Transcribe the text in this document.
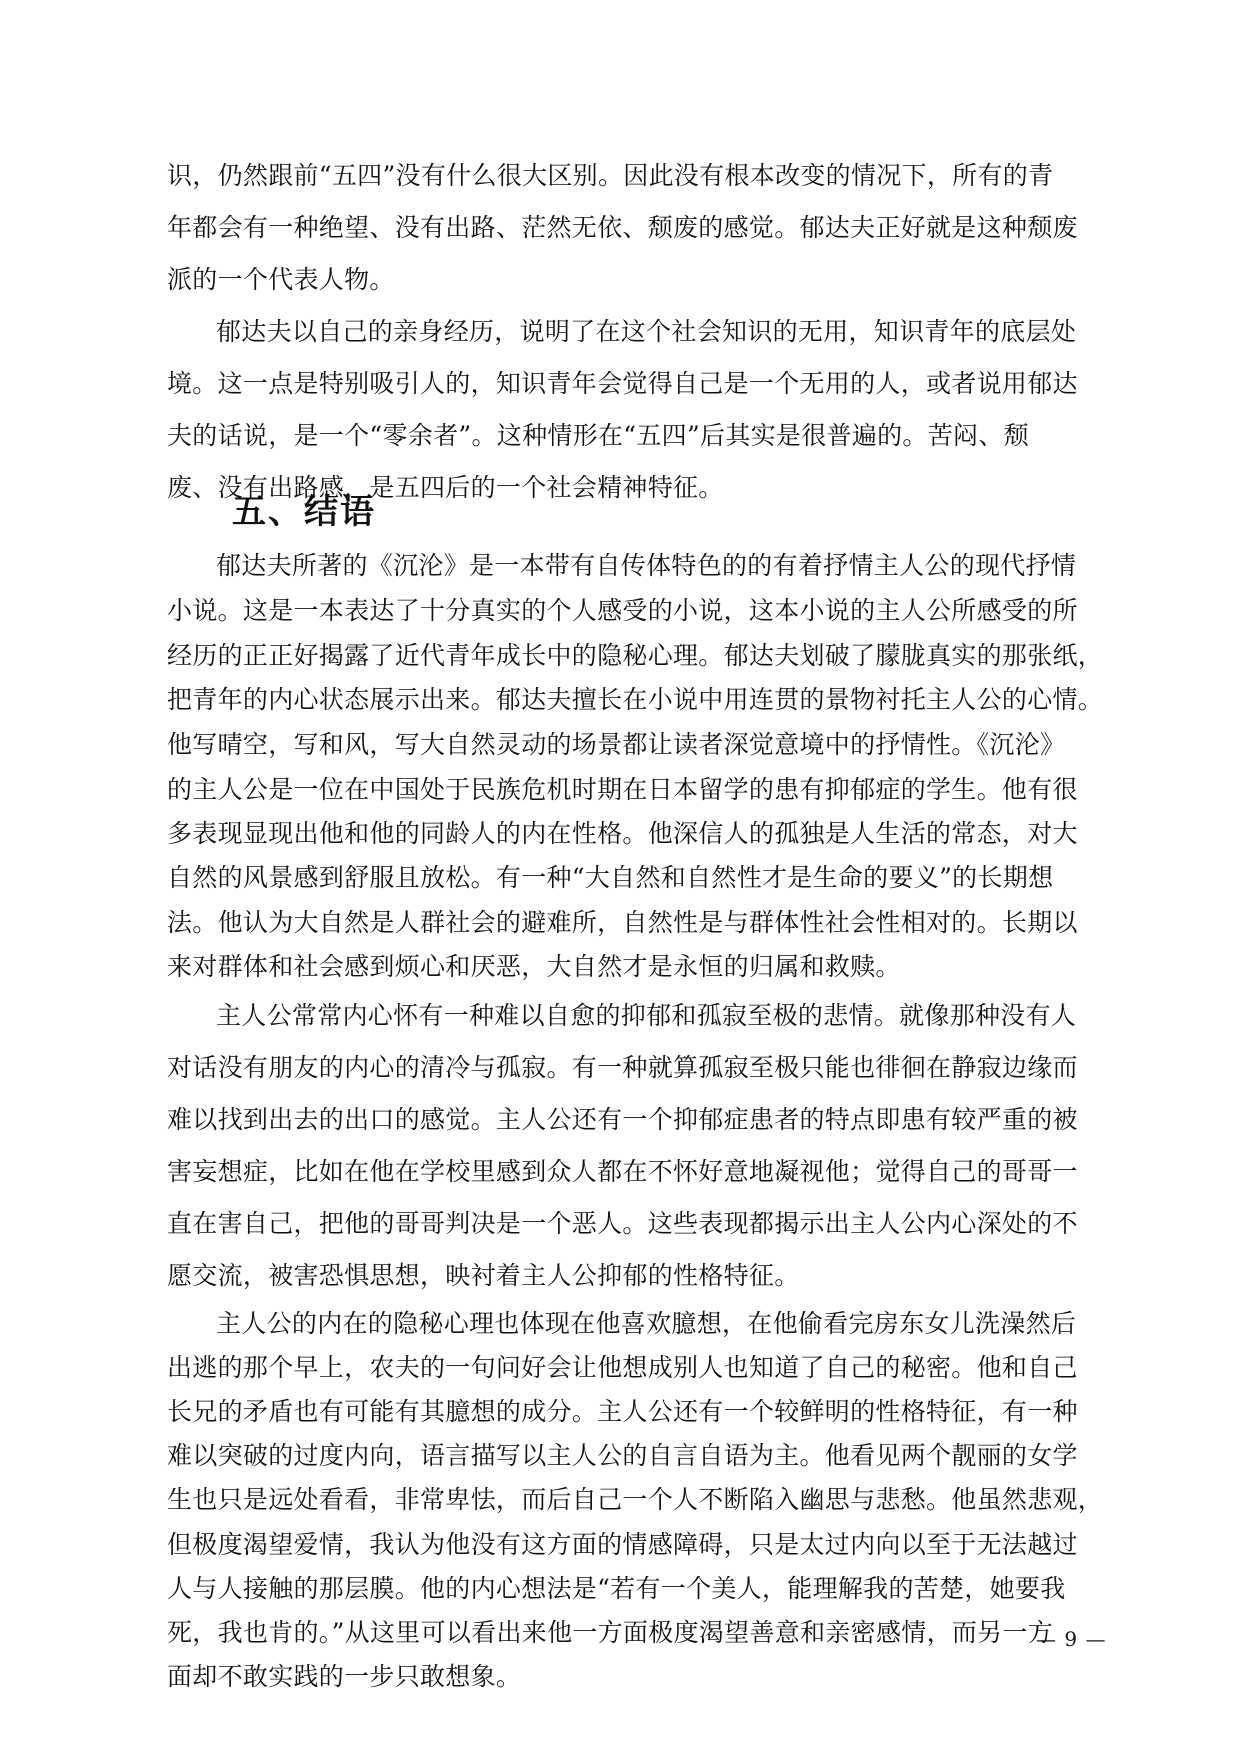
识，仍然跟前“五四”没有什么很大区别。因此没有根本改变的情况下，所有的青
年都会有一种绝望、没有出路、茫然无依、颓废的感觉。郁达夫正好就是这种颓废
派的一个代表人物。
郁达夫以自己的亲身经历，说明了在这个社会知识的无用，知识青年的底层处
境。这一点是特别吸引人的，知识青年会觉得自己是一个无用的人，或者说用郁达
夫的话说，是一个“零余者”。这种情形在“五四”后其实是很普遍的。苦闷、颓
废、没有出路感，是五四后的一个社会精神特征。
五、结语
郁达夫所著的《沉沦》是一本带有自传体特色的的有着抒情主人公的现代抒情
小说。这是一本表达了十分真实的个人感受的小说，这本小说的主人公所感受的所
经历的正正好揭露了近代青年成长中的隐秘心理。郁达夫划破了朦胧真实的那张纸，
把青年的内心状态展示出来。郁达夫擅长在小说中用连贯的景物衬托主人公的心情。
他写晴空，写和风，写大自然灵动的场景都让读者深觉意境中的抒情性。《沉沦》
的主人公是一位在中国处于民族危机时期在日本留学的患有抑郁症的学生。他有很
多表现显现出他和他的同龄人的内在性格。他深信人的孤独是人生活的常态，对大
自然的风景感到舒服且放松。有一种“大自然和自然性才是生命的要义”的长期想
法。他认为大自然是人群社会的避难所，自然性是与群体性社会性相对的。长期以
来对群体和社会感到烦心和厌恶，大自然才是永恒的归属和救赎。
主人公常常内心怀有一种难以自愈的抑郁和孤寂至极的悲情。就像那种没有人
对话没有朋友的内心的清冷与孤寂。有一种就算孤寂至极只能也徘徊在静寂边缘而
难以找到出去的出口的感觉。主人公还有一个抑郁症患者的特点即患有较严重的被
害妄想症，比如在他在学校里感到众人都在不怀好意地凝视他；觉得自己的哥哥一
直在害自己，把他的哥哥判决是一个恶人。这些表现都揭示出主人公内心深处的不
愿交流，被害恐惧思想，映衬着主人公抑郁的性格特征。
主人公的内在的隐秘心理也体现在他喜欢臆想，在他偷看完房东女儿洗澡然后
出逃的那个早上，农夫的一句问好会让他想成别人也知道了自己的秘密。他和自己
长兄的矛盾也有可能有其臆想的成分。主人公还有一个较鲜明的性格特征，有一种
难以突破的过度内向，语言描写以主人公的自言自语为主。他看见两个靓丽的女学
生也只是远处看看，非常卑怯，而后自己一个人不断陷入幽思与悲愁。他虽然悲观，
但极度渴望爱情，我认为他没有这方面的情感障碍，只是太过内向以至于无法越过
人与人接触的那层膜。他的内心想法是“若有一个美人，能理解我的苦楚，她要我
死，我也肯的。”从这里可以看出来他一方面极度渴望善意和亲密感情，而另一方
面却不敢实践的一步只敢想象。
— 9 —
